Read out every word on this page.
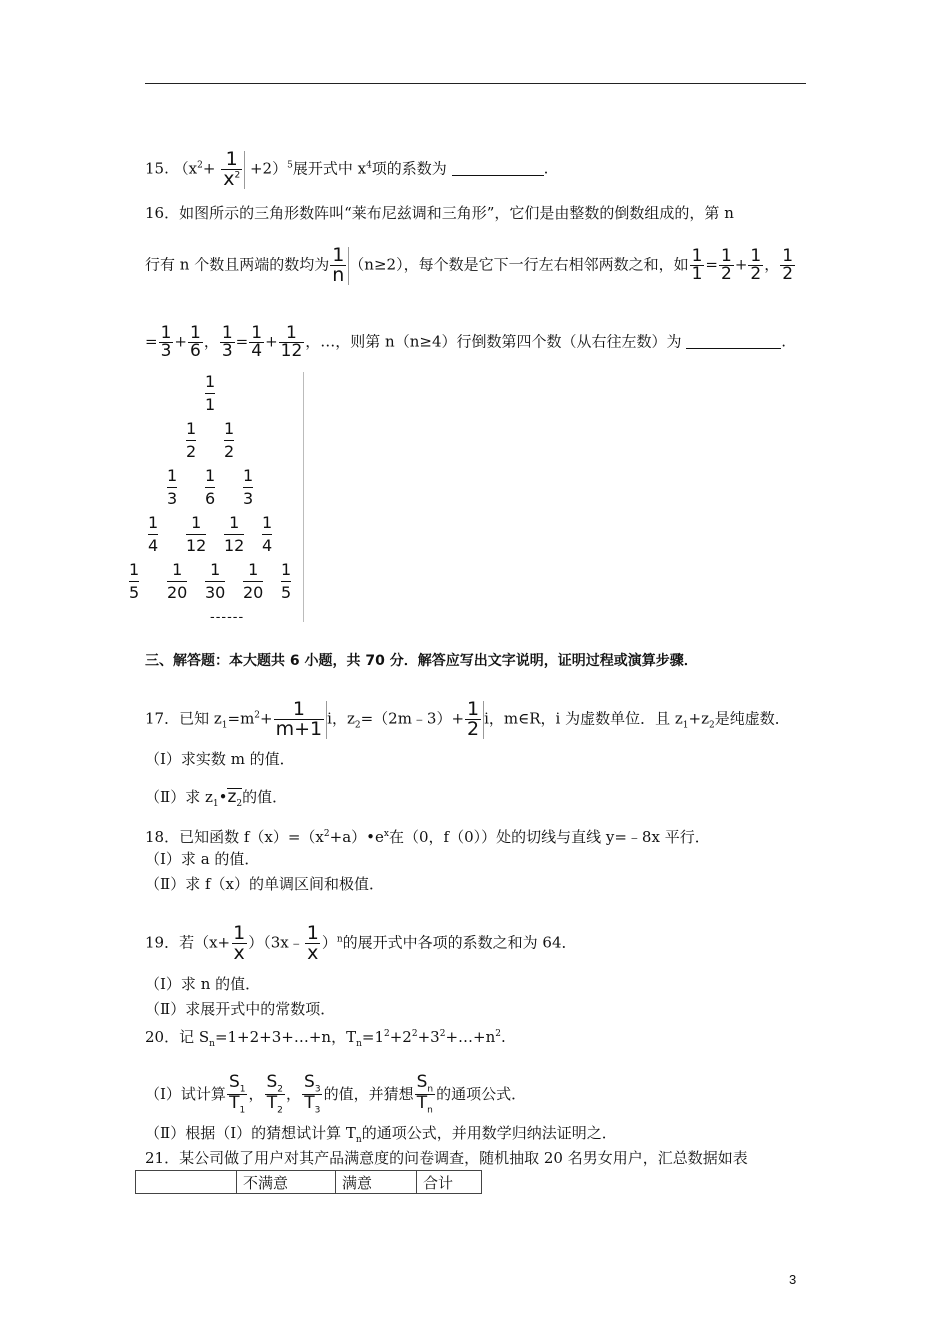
15. $(x^2+ \frac{1}{x^2} +2)^5$展开式中 $x^4$项的系数为	.
16．如图所示的三角形数阵叫“莱布尼兹调和三角形”，它们是由整数的倒数组成的，第 n
行有 n 个数且两端的数均为 $\frac{1}{n} (n\ge 2)$，每个数是它下一行左右相邻两数之和，如 $\frac{1}{1} = \frac{1}{2} + \frac{1}{2}$ ， $\frac{1}{2}$
= $\frac{1}{3} + \frac{1}{6}$ ， $\frac{1}{3} = \frac{1}{4} + \frac{1}{12}$ ，…，则第 n（n≥4）行倒数第四个数（从右往左数）为	.
$\frac{1}{1}$
$\frac{1}{2} \frac{1}{2}$
$\frac{1}{3} \frac{1}{6} \frac{1}{3}$
$\frac{1}{4} \frac{1}{12} \frac{1}{12} \frac{1}{4}$
$\frac{1}{5} \frac{1}{20} \frac{1}{30} \frac{1}{20} \frac{1}{5}$
------
三、解答题：本大题共 6 小题，共 70 分．解答应写出文字说明，证明过程或演算步骤．
17．已知 $z_1=m^2+ \frac{1}{m+1}$ i，$z_2=(2m﹣3)+ \frac{1}{2}$ i，m∈R，i 为虚数单位．且 $z_1+z_2$是纯虚数．
（Ⅰ）求实数 m 的值．
（Ⅱ）求 $z_1•z_2$的值．
18．已知函数 $f(x)=(x^2+a)•e^x$在（0，f（0））处的切线与直线 y=﹣8x 平行．
（Ⅰ）求 a 的值．
（Ⅱ）求 f（x）的单调区间和极值．
19．若（$x+ \frac{1}{x}$ ）（3x﹣ $\frac{1}{x} )^n$的展开式中各项的系数之和为 64．
（Ⅰ）求 n 的值．
（Ⅱ）求展开式中的常数项．
20．记 $S_n=1+2+3+\dots+n$，$T_n=1^2+2^2+3^2+\dots+n^2$.
（Ⅰ）试计算 $\frac{S_1}{T_1}$ ， $\frac{S_2}{T_2}$ ， $\frac{S_3}{T_3}$ 的值，并猜想 $\frac{S_n}{T_n}$ 的通项公式．
（Ⅱ）根据（Ⅰ）的猜想试计算 $T_n$的通项公式，并用数学归纳法证明之．
21．某公司做了用户对其产品满意度的问卷调查，随机抽取 20 名男女用户，汇总数据如表
	不满意	满意	合计
3
